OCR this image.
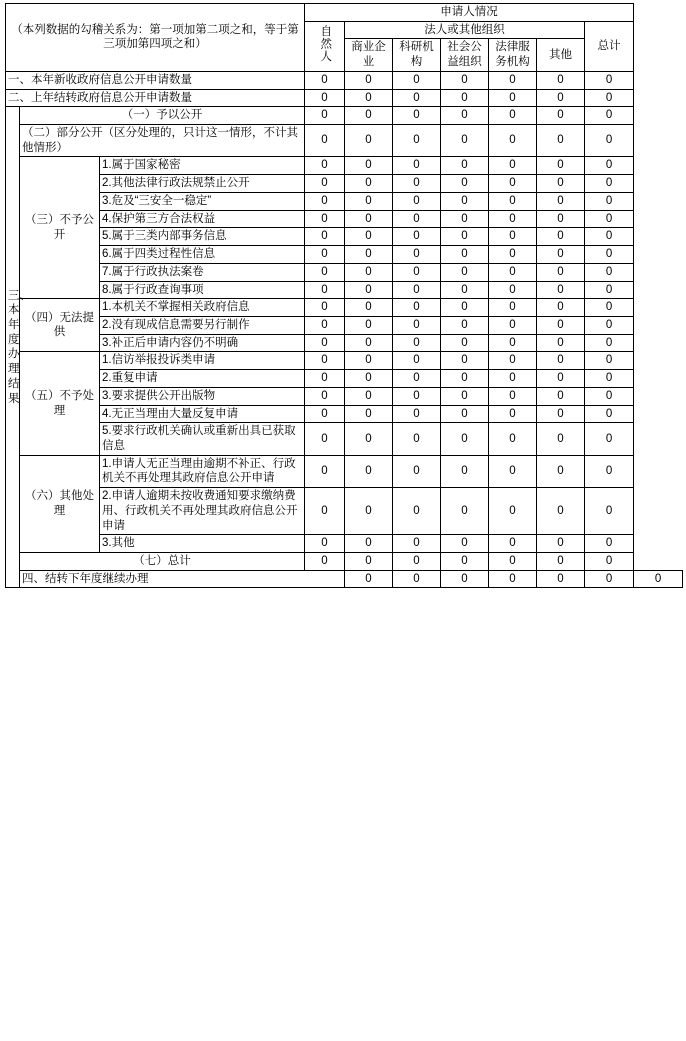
（本列数据的勾稽关系为：第一项加第二项之和，等于第三项加第四项之和）			申请人情况							
			自然人	法人或其他组织					总计	
				商业企业	科研机构	社会公益组织	法律服务机构	其他		
一、本年新收政府信息公开申请数量			0	0	0	0	0	0	0	
二、上年结转政府信息公开申请数量			0	0	0	0	0	0	0	
三、本年度办理结果	（一）予以公开		0	0	0	0	0	0	0	
	（二）部分公开（区分处理的，只计这一情形，不计其他情形）		0	0	0	0	0	0	0	
	（三）不予公开	1.属于国家秘密	0	0	0	0	0	0	0	
		2.其他法律行政法规禁止公开	0	0	0	0	0	0	0	
		3.危及“三安全一稳定”	0	0	0	0	0	0	0	
		4.保护第三方合法权益	0	0	0	0	0	0	0	
		5.属于三类内部事务信息	0	0	0	0	0	0	0	
		6.属于四类过程性信息	0	0	0	0	0	0	0	
		7.属于行政执法案卷	0	0	0	0	0	0	0	
		8.属于行政查询事项	0	0	0	0	0	0	0	
	（四）无法提供	1.本机关不掌握相关政府信息	0	0	0	0	0	0	0	
		2.没有现成信息需要另行制作	0	0	0	0	0	0	0	
		3.补正后申请内容仍不明确	0	0	0	0	0	0	0	
	（五）不予处理	1.信访举报投诉类申请	0	0	0	0	0	0	0	
		2.重复申请	0	0	0	0	0	0	0	
		3.要求提供公开出版物	0	0	0	0	0	0	0	
		4.无正当理由大量反复申请	0	0	0	0	0	0	0	
		5.要求行政机关确认或重新出具已获取信息	0	0	0	0	0	0	0	
	（六）其他处理	1.申请人无正当理由逾期不补正、行政机关不再处理其政府信息公开申请	0	0	0	0	0	0	0	
		2.申请人逾期未按收费通知要求缴纳费用、行政机关不再处理其政府信息公开申请	0	0	0	0	0	0	0	
		3.其他	0	0	0	0	0	0	0	
	（七）总计		0	0	0	0	0	0	0	
	四、结转下年度继续办理			0	0	0	0	0	0	0
